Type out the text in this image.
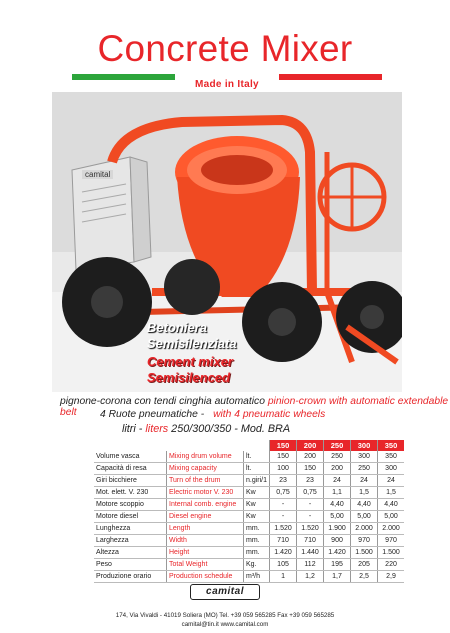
Concrete Mixer
Made in Italy
camital
Betoniera
Semisilenziata
Cement mixer
Semisilenced
pignone-corona con tendi cinghia automatico pinion-crown with automatic extendable belt	4 Ruote pneumatiche - with 4 pneumatic wheels
litri - liters 250/300/350 - Mod. BRA
			150	200	250	300	350
Volume vasca	Mixing drum volume	lt.	150	200	250	300	350
Capacità di resa	Mixing capacity	lt.	100	150	200	250	300
Giri bicchiere	Turn of the drum	n.giri/1	23	23	24	24	24
Mot. elett. V. 230	Electric motor V. 230	Kw	0,75	0,75	1,1	1,5	1,5
Motore scoppio	Internal comb. engine	Kw	-	-	4,40	4,40	4,40
Motore diesel	Diesel engine	Kw	-	-	5,00	5,00	5,00
Lunghezza	Length	mm.	1.520	1.520	1.900	2.000	2.000
Larghezza	Width	mm.	710	710	900	970	970
Altezza	Height	mm.	1.420	1.440	1.420	1.500	1.500
Peso	Total Weight	Kg.	105	112	195	205	220
Produzione orario	Production schedule	m³/h	1	1,2	1,7	2,5	2,9
camital
174, Via Vivaldi - 41019 Soliera (MO) Tel. +39 059 565285 Fax +39 059 565285
camital@tin.it www.camital.com
